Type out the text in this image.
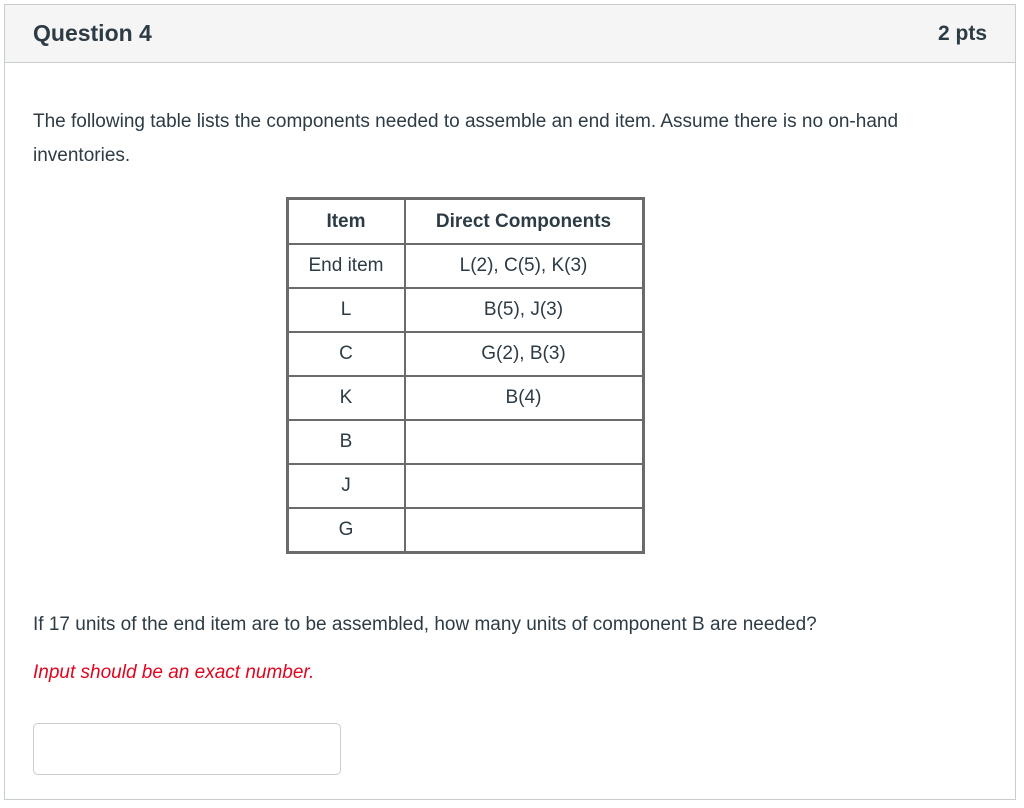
Question 4	2 pts

The following table lists the components needed to assemble an end item. Assume there is no on-hand inventories.

Item	Direct Components
End item	L(2), C(5), K(3)
L	B(5), J(3)
C	G(2), B(3)
K	B(4)
B	
J	
G	

If 17 units of the end item are to be assembled, how many units of component B are needed?

Input should be an exact number.
